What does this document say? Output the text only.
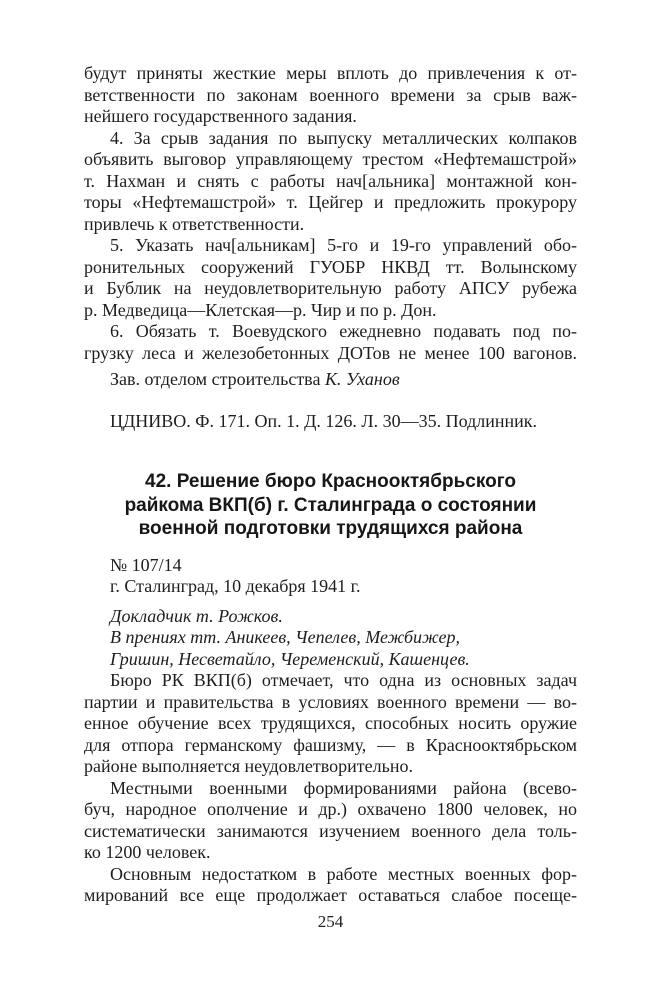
будут приняты жесткие меры вплоть до привлечения к от-
ветственности по законам военного времени за срыв важ-
нейшего государственного задания.
4. За срыв задания по выпуску металлических колпаков
объявить выговор управляющему трестом «Нефтемашстрой»
т. Нахман и снять с работы нач[альника] монтажной кон-
торы «Нефтемашстрой» т. Цейгер и предложить прокурору
привлечь к ответственности.
5. Указать нач[альникам] 5-го и 19-го управлений обо-
ронительных сооружений ГУОБР НКВД тт. Волынскому
и Бублик на неудовлетворительную работу АПСУ рубежа
р. Медведица—Клетская—р. Чир и по р. Дон.
6. Обязать т. Воевудского ежедневно подавать под по-
грузку леса и железобетонных ДОТов не менее 100 вагонов.
Зав. отделом строительства К. Уханов
ЦДНИВО. Ф. 171. Оп. 1. Д. 126. Л. 30—35. Подлинник.
42. Решение бюро Краснооктябрьского
райкома ВКП(б) г. Сталинграда о состоянии
военной подготовки трудящихся района
№ 107/14
г. Сталинград, 10 декабря 1941 г.
Докладчик т. Рожков.
В прениях тт. Аникеев, Чепелев, Межбижер,
Гришин, Несветайло, Череменский, Кашенцев.
Бюро РК ВКП(б) отмечает, что одна из основных задач
партии и правительства в условиях военного времени — во-
енное обучение всех трудящихся, способных носить оружие
для отпора германскому фашизму, — в Краснооктябрьском
районе выполняется неудовлетворительно.
Местными военными формированиями района (всево-
буч, народное ополчение и др.) охвачено 1800 человек, но
систематически занимаются изучением военного дела толь-
ко 1200 человек.
Основным недостатком в работе местных военных фор-
мирований все еще продолжает оставаться слабое посеще-
254
